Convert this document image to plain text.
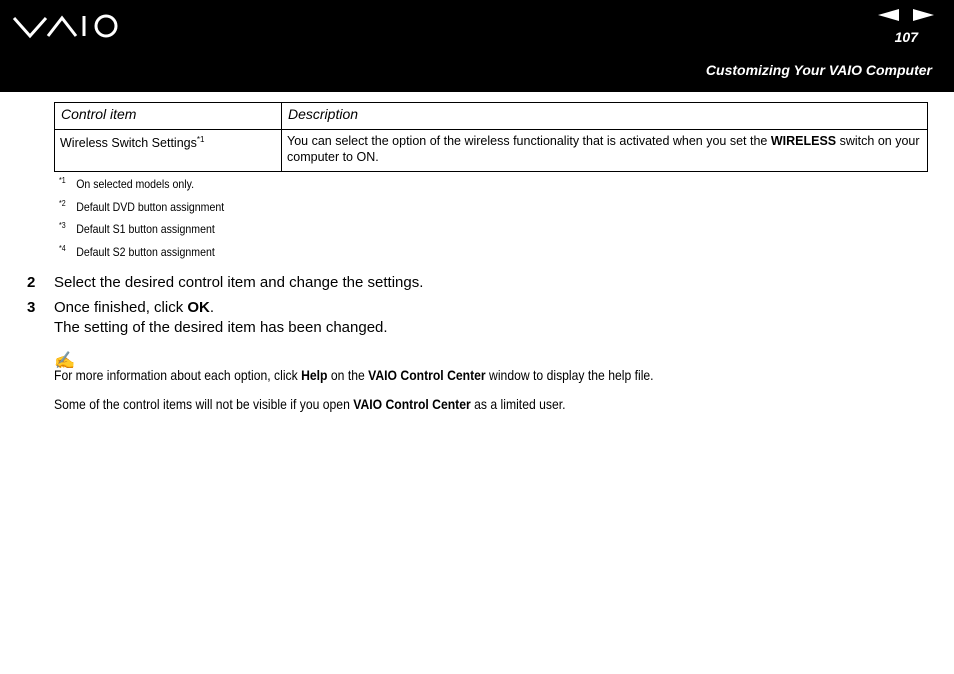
107
Customizing Your VAIO Computer
Control item	Description
Wireless Switch Settings$^{*1}$	You can select the option of the wireless functionality that is activated when you set the WIRELESS switch on your computer to ON.
$^{*1}$ On selected models only.
$^{*2}$ Default DVD button assignment
$^{*3}$ Default S1 button assignment
$^{*4}$ Default S2 button assignment
2 Select the desired control item and change the settings.
3 Once finished, click OK.
The setting of the desired item has been changed.
✍
For more information about each option, click Help on the VAIO Control Center window to display the help file.
Some of the control items will not be visible if you open VAIO Control Center as a limited user.
